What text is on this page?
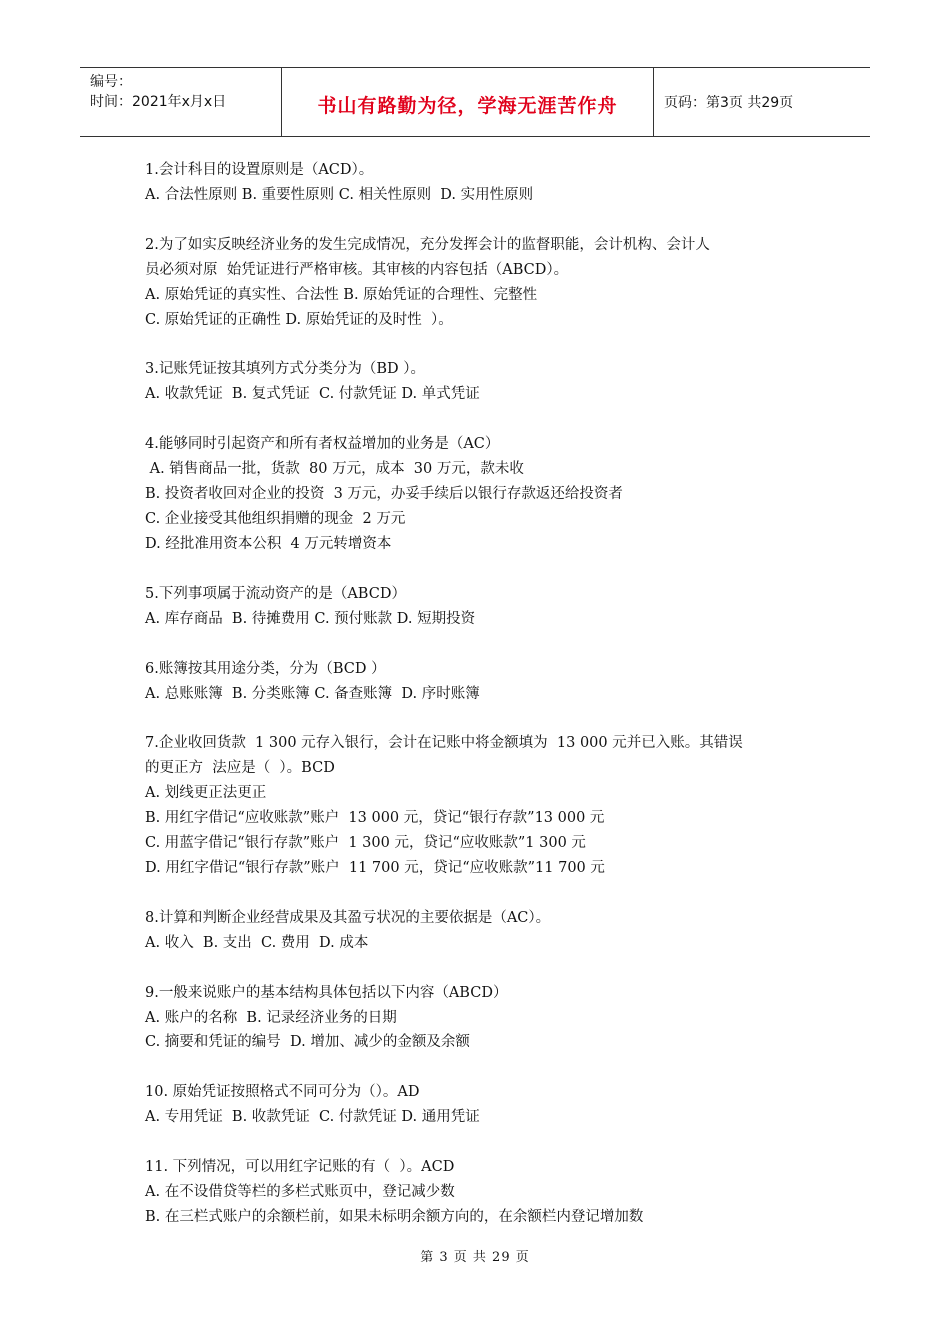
编号：
时间：2021年x月x日	书山有路勤为径，学海无涯苦作舟	页码：第3页 共29页
1.会计科目的设置原则是（ACD）。
A. 合法性原则 B. 重要性原则 C. 相关性原则  D. 实用性原则
2.为了如实反映经济业务的发生完成情况，充分发挥会计的监督职能，会计机构、会计人
员必须对原  始凭证进行严格审核。其审核的内容包括（ABCD）。
A. 原始凭证的真实性、合法性 B. 原始凭证的合理性、完整性
C. 原始凭证的正确性 D. 原始凭证的及时性  ）。
3.记账凭证按其填列方式分类分为（BD ）。
A. 收款凭证  B. 复式凭证  C. 付款凭证 D. 单式凭证
4.能够同时引起资产和所有者权益增加的业务是（AC）
A. 销售商品一批，货款  80 万元，成本  30 万元，款未收
B. 投资者收回对企业的投资  3 万元，办妥手续后以银行存款返还给投资者
C. 企业接受其他组织捐赠的现金  2 万元
D. 经批准用资本公积  4 万元转增资本
5.下列事项属于流动资产的是（ABCD）
A. 库存商品  B. 待摊费用 C. 预付账款 D. 短期投资
6.账簿按其用途分类，分为（BCD ）
A. 总账账簿  B. 分类账簿 C. 备查账簿  D. 序时账簿
7.企业收回货款  1 300 元存入银行，会计在记账中将金额填为  13 000 元并已入账。其错误
的更正方  法应是（  ）。BCD
A. 划线更正法更正
B. 用红字借记“应收账款”账户  13 000 元，贷记“银行存款”13 000 元
C. 用蓝字借记“银行存款”账户  1 300 元，贷记“应收账款”1 300 元
D. 用红字借记“银行存款”账户  11 700 元，贷记“应收账款”11 700 元
8.计算和判断企业经营成果及其盈亏状况的主要依据是（AC）。
A. 收入  B. 支出  C. 费用  D. 成本
9.一般来说账户的基本结构具体包括以下内容（ABCD）
A. 账户的名称  B. 记录经济业务的日期
C. 摘要和凭证的编号  D. 增加、减少的金额及余额
10. 原始凭证按照格式不同可分为（）。AD
A. 专用凭证  B. 收款凭证  C. 付款凭证 D. 通用凭证
11. 下列情况，可以用红字记账的有（  ）。ACD
A. 在不设借贷等栏的多栏式账页中，登记减少数
B. 在三栏式账户的余额栏前，如果未标明余额方向的，在余额栏内登记增加数
第 3 页 共 29 页
